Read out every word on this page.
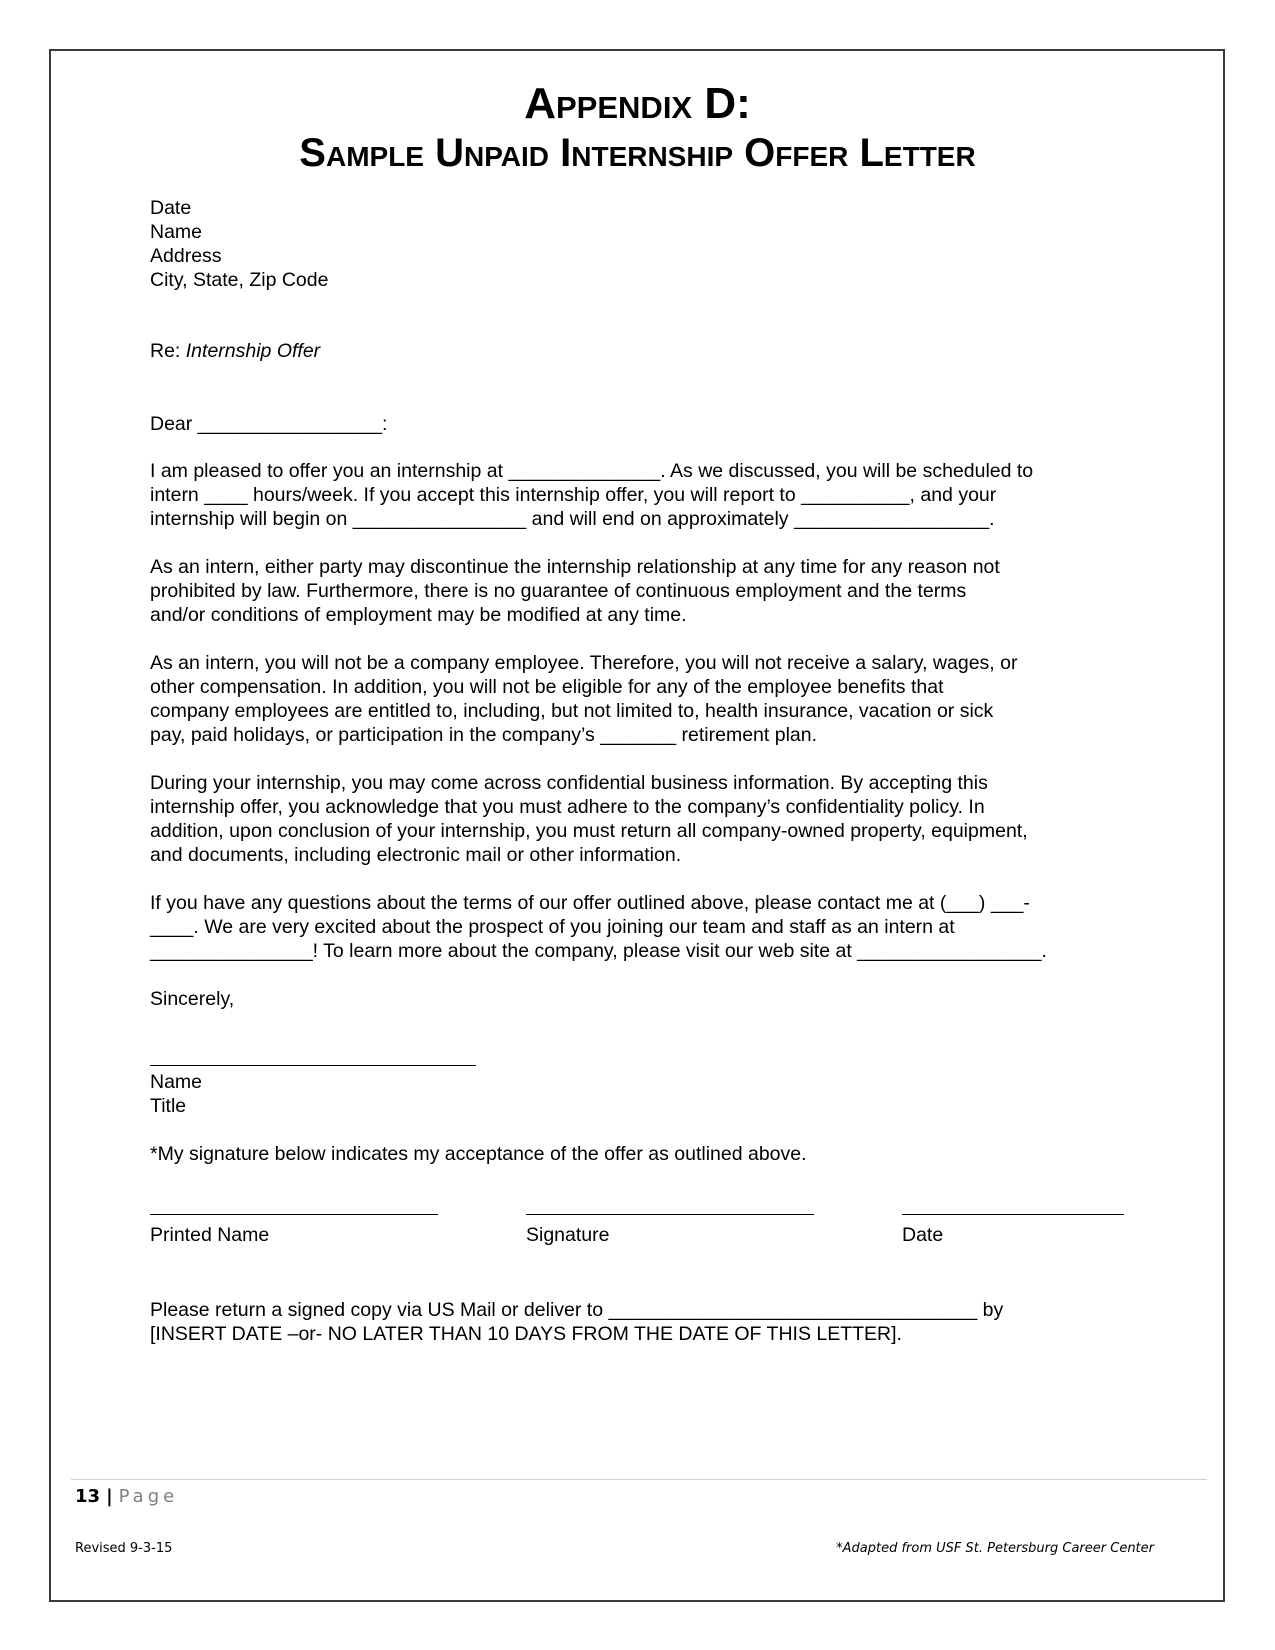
Appendix D:
Sample Unpaid Internship Offer Letter

Date
Name
Address
City, State, Zip Code

Re: Internship Offer

Dear _________________:

I am pleased to offer you an internship at ______________. As we discussed, you will be scheduled to
intern ____ hours/week. If you accept this internship offer, you will report to __________, and your
internship will begin on ________________ and will end on approximately __________________.

As an intern, either party may discontinue the internship relationship at any time for any reason not
prohibited by law. Furthermore, there is no guarantee of continuous employment and the terms
and/or conditions of employment may be modified at any time.

As an intern, you will not be a company employee. Therefore, you will not receive a salary, wages, or
other compensation. In addition, you will not be eligible for any of the employee benefits that
company employees are entitled to, including, but not limited to, health insurance, vacation or sick
pay, paid holidays, or participation in the company’s _______ retirement plan.

During your internship, you may come across confidential business information. By accepting this
internship offer, you acknowledge that you must adhere to the company’s confidentiality policy. In
addition, upon conclusion of your internship, you must return all company-owned property, equipment,
and documents, including electronic mail or other information.

If you have any questions about the terms of our offer outlined above, please contact me at (___) ___-
____. We are very excited about the prospect of you joining our team and staff as an intern at
_______________! To learn more about the company, please visit our web site at _________________.

Sincerely,

Name
Title

*My signature below indicates my acceptance of the offer as outlined above.

Printed Name	Signature	Date

Please return a signed copy via US Mail or deliver to __________________________________ by
[INSERT DATE –or- NO LATER THAN 10 DAYS FROM THE DATE OF THIS LETTER].

13 | Page
Revised 9-3-15	*Adapted from USF St. Petersburg Career Center
